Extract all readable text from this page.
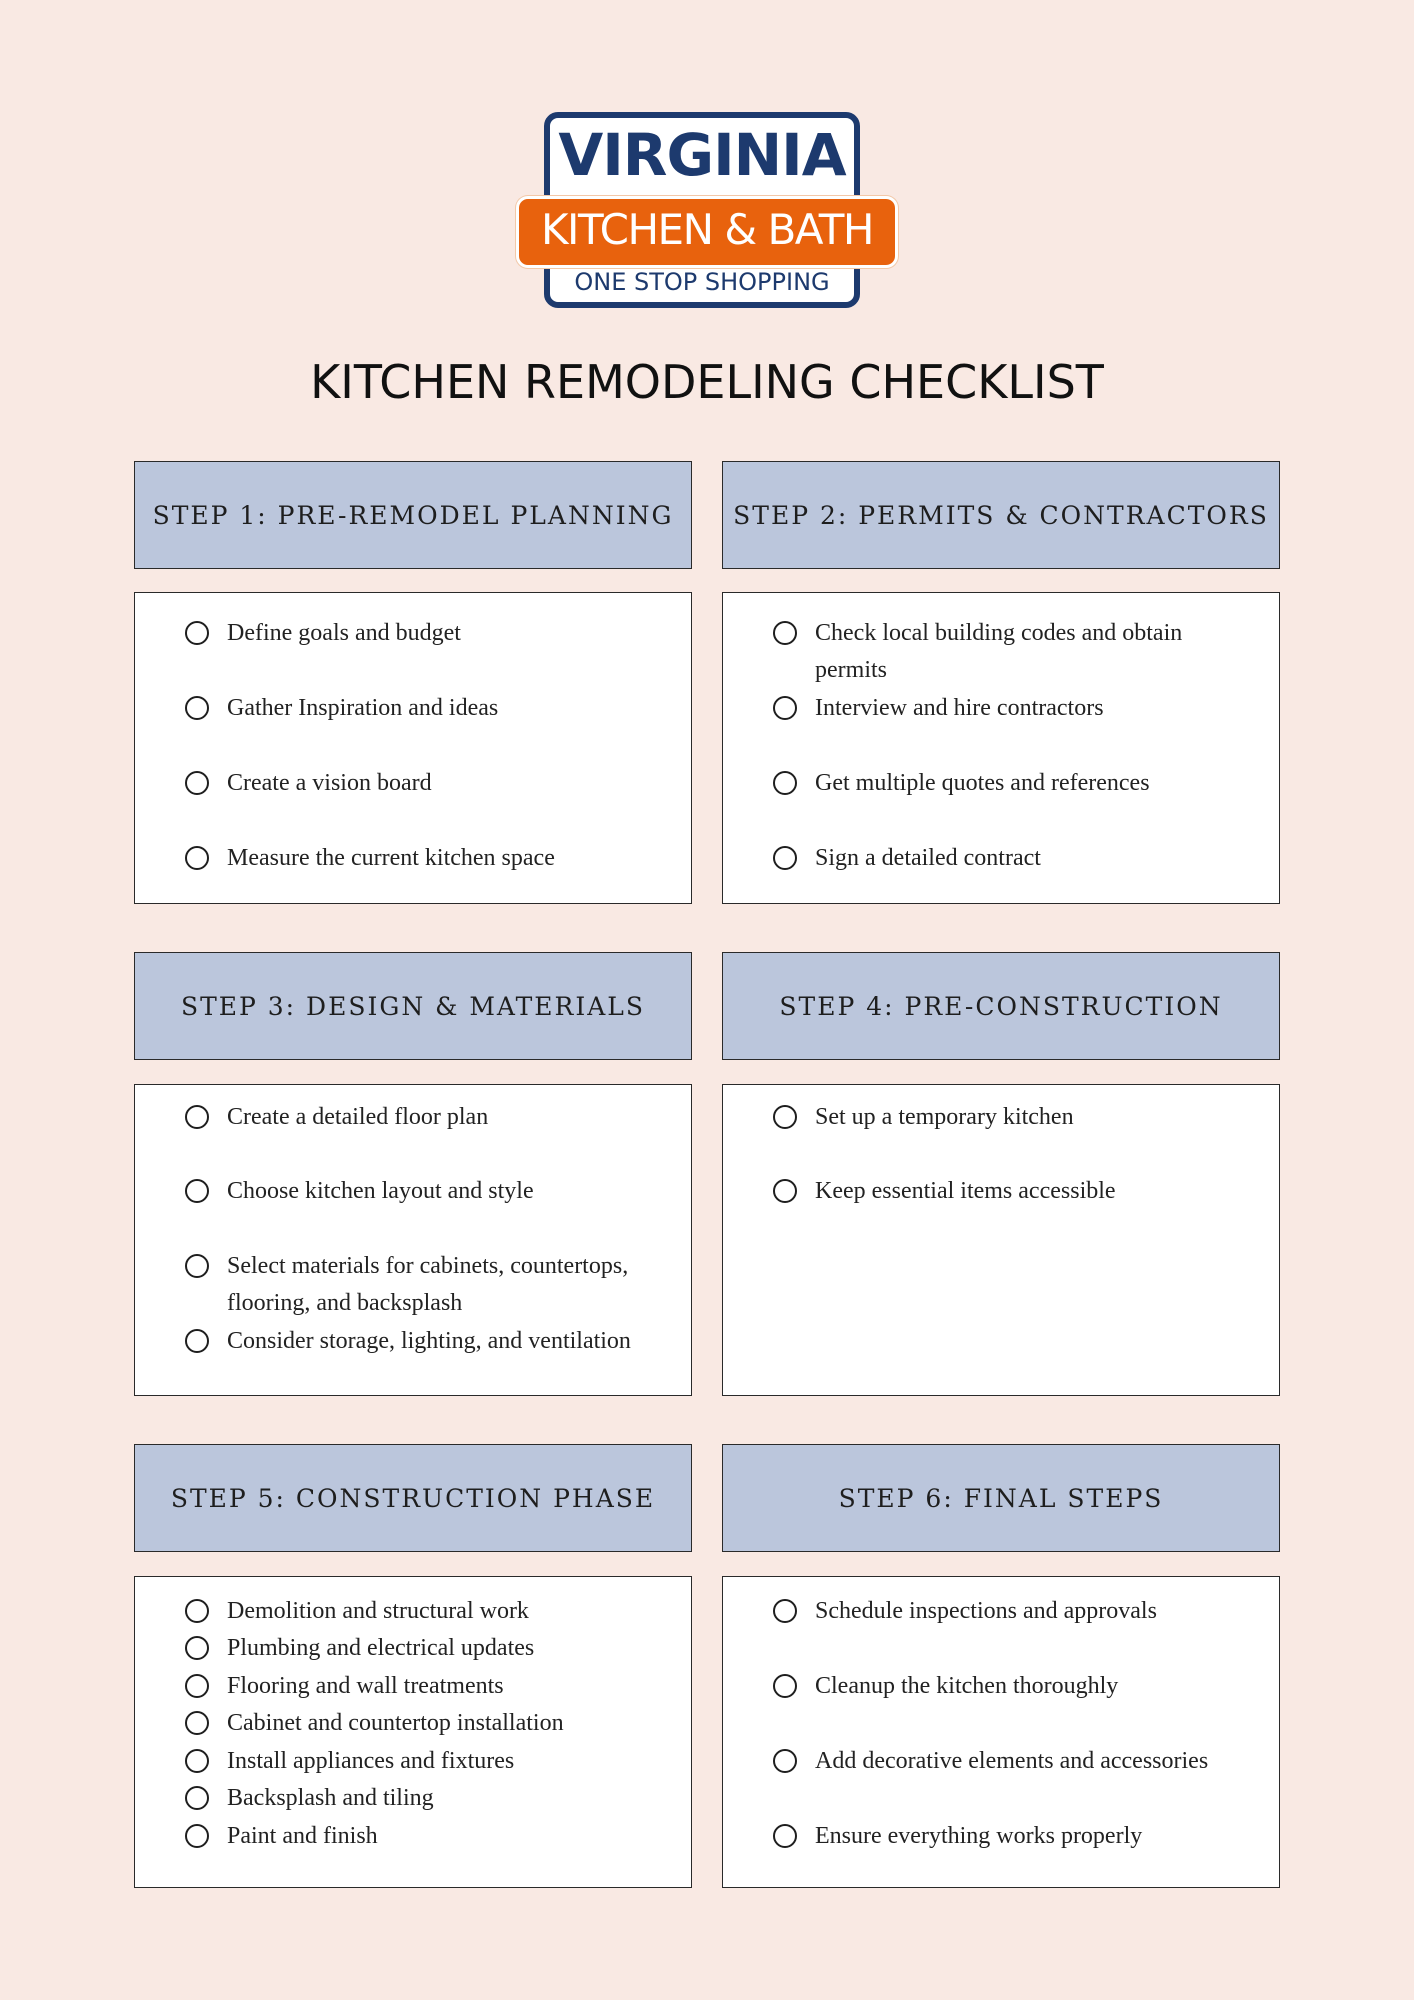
VIRGINIA
KITCHEN & BATH
ONE STOP SHOPPING
KITCHEN REMODELING CHECKLIST
STEP 1: PRE-REMODEL PLANNING
Define goals and budget
Gather Inspiration and ideas
Create a vision board
Measure the current kitchen space
STEP 2: PERMITS & CONTRACTORS
Check local building codes and obtain permits
Interview and hire contractors
Get multiple quotes and references
Sign a detailed contract
STEP 3: DESIGN & MATERIALS
Create a detailed floor plan
Choose kitchen layout and style
Select materials for cabinets, countertops, flooring, and backsplash
Consider storage, lighting, and ventilation
STEP 4: PRE-CONSTRUCTION
Set up a temporary kitchen
Keep essential items accessible
STEP 5: CONSTRUCTION PHASE
Demolition and structural work
Plumbing and electrical updates
Flooring and wall treatments
Cabinet and countertop installation
Install appliances and fixtures
Backsplash and tiling
Paint and finish
STEP 6: FINAL STEPS
Schedule inspections and approvals
Cleanup the kitchen thoroughly
Add decorative elements and accessories
Ensure everything works properly
